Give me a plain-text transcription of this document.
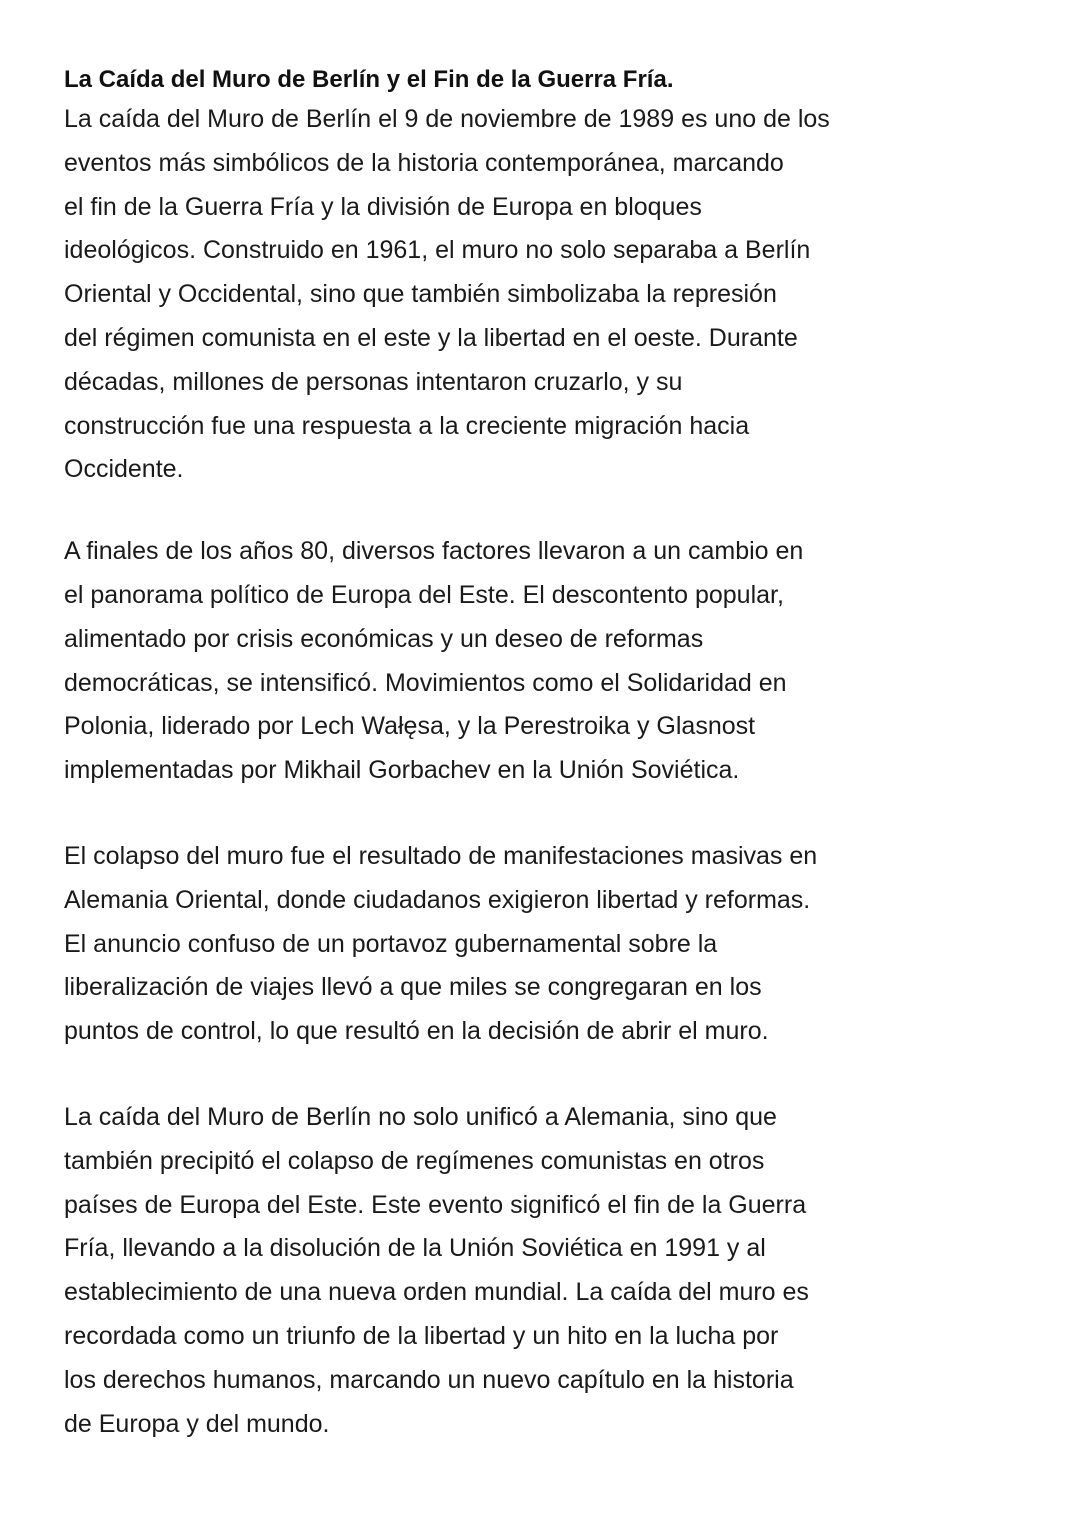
La Caída del Muro de Berlín y el Fin de la Guerra Fría.

La caída del Muro de Berlín el 9 de noviembre de 1989 es uno de los
eventos más simbólicos de la historia contemporánea, marcando
el fin de la Guerra Fría y la división de Europa en bloques
ideológicos. Construido en 1961, el muro no solo separaba a Berlín
Oriental y Occidental, sino que también simbolizaba la represión
del régimen comunista en el este y la libertad en el oeste. Durante
décadas, millones de personas intentaron cruzarlo, y su
construcción fue una respuesta a la creciente migración hacia
Occidente.

A finales de los años 80, diversos factores llevaron a un cambio en
el panorama político de Europa del Este. El descontento popular,
alimentado por crisis económicas y un deseo de reformas
democráticas, se intensificó. Movimientos como el Solidaridad en
Polonia, liderado por Lech Wałęsa, y la Perestroika y Glasnost
implementadas por Mikhail Gorbachev en la Unión Soviética.

El colapso del muro fue el resultado de manifestaciones masivas en
Alemania Oriental, donde ciudadanos exigieron libertad y reformas.
El anuncio confuso de un portavoz gubernamental sobre la
liberalización de viajes llevó a que miles se congregaran en los
puntos de control, lo que resultó en la decisión de abrir el muro.

La caída del Muro de Berlín no solo unificó a Alemania, sino que
también precipitó el colapso de regímenes comunistas en otros
países de Europa del Este. Este evento significó el fin de la Guerra
Fría, llevando a la disolución de la Unión Soviética en 1991 y al
establecimiento de una nueva orden mundial. La caída del muro es
recordada como un triunfo de la libertad y un hito en la lucha por
los derechos humanos, marcando un nuevo capítulo en la historia
de Europa y del mundo.
